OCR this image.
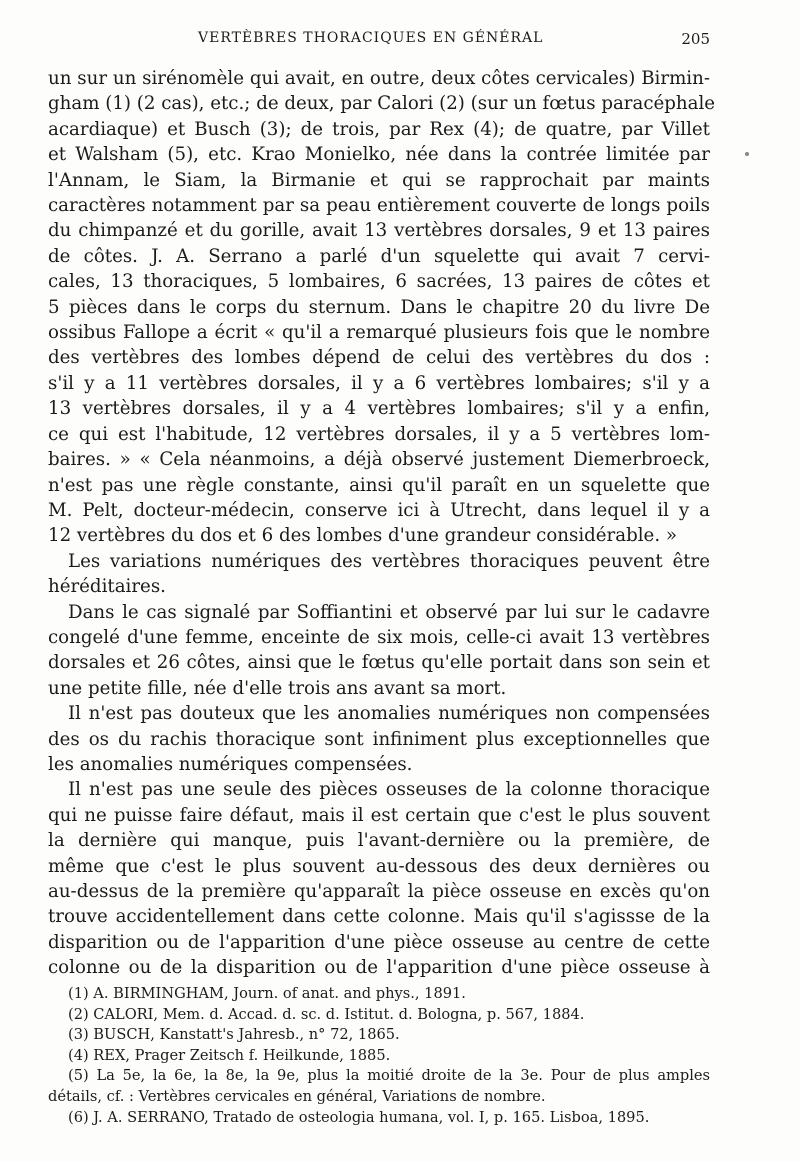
VERTÈBRES THORACIQUES EN GÉNÉRAL	205
un sur un sirénomèle qui avait, en outre, deux côtes cervicales) Birmin-
gham (1) (2 cas), etc.; de deux, par Calori (2) (sur un fœtus paracéphale
acardiaque) et Busch (3); de trois, par Rex (4); de quatre, par Villet
et Walsham (5), etc. Krao Monielko, née dans la contrée limitée par
l'Annam, le Siam, la Birmanie et qui se rapprochait par maints
caractères notamment par sa peau entièrement couverte de longs poils
du chimpanzé et du gorille, avait 13 vertèbres dorsales, 9 et 13 paires
de côtes. J. A. Serrano a parlé d'un squelette qui avait 7 cervi-
cales, 13 thoraciques, 5 lombaires, 6 sacrées, 13 paires de côtes et
5 pièces dans le corps du sternum. Dans le chapitre 20 du livre De
ossibus Fallope a écrit « qu'il a remarqué plusieurs fois que le nombre
des vertèbres des lombes dépend de celui des vertèbres du dos :
s'il y a 11 vertèbres dorsales, il y a 6 vertèbres lombaires; s'il y a
13 vertèbres dorsales, il y a 4 vertèbres lombaires; s'il y a enfin,
ce qui est l'habitude, 12 vertèbres dorsales, il y a 5 vertèbres lom-
baires. » « Cela néanmoins, a déjà observé justement Diemerbroeck,
n'est pas une règle constante, ainsi qu'il paraît en un squelette que
M. Pelt, docteur-médecin, conserve ici à Utrecht, dans lequel il y a
12 vertèbres du dos et 6 des lombes d'une grandeur considérable. »
Les variations numériques des vertèbres thoraciques peuvent être
héréditaires.
Dans le cas signalé par Soffiantini et observé par lui sur le cadavre
congelé d'une femme, enceinte de six mois, celle-ci avait 13 vertèbres
dorsales et 26 côtes, ainsi que le fœtus qu'elle portait dans son sein et
une petite fille, née d'elle trois ans avant sa mort.
Il n'est pas douteux que les anomalies numériques non compensées
des os du rachis thoracique sont infiniment plus exceptionnelles que
les anomalies numériques compensées.
Il n'est pas une seule des pièces osseuses de la colonne thoracique
qui ne puisse faire défaut, mais il est certain que c'est le plus souvent
la dernière qui manque, puis l'avant-dernière ou la première, de
même que c'est le plus souvent au-dessous des deux dernières ou
au-dessus de la première qu'apparaît la pièce osseuse en excès qu'on
trouve accidentellement dans cette colonne. Mais qu'il s'agissse de la
disparition ou de l'apparition d'une pièce osseuse au centre de cette
colonne ou de la disparition ou de l'apparition d'une pièce osseuse à
(1) A. BIRMINGHAM, Journ. of anat. and phys., 1891.
(2) CALORI, Mem. d. Accad. d. sc. d. Istitut. d. Bologna, p. 567, 1884.
(3) BUSCH, Kanstatt's Jahresb., n° 72, 1865.
(4) REX, Prager Zeitsch f. Heilkunde, 1885.
(5) La 5e, la 6e, la 8e, la 9e, plus la moitié droite de la 3e. Pour de plus amples
détails, cf. : Vertèbres cervicales en général, Variations de nombre.
(6) J. A. SERRANO, Tratado de osteologia humana, vol. I, p. 165. Lisboa, 1895.
